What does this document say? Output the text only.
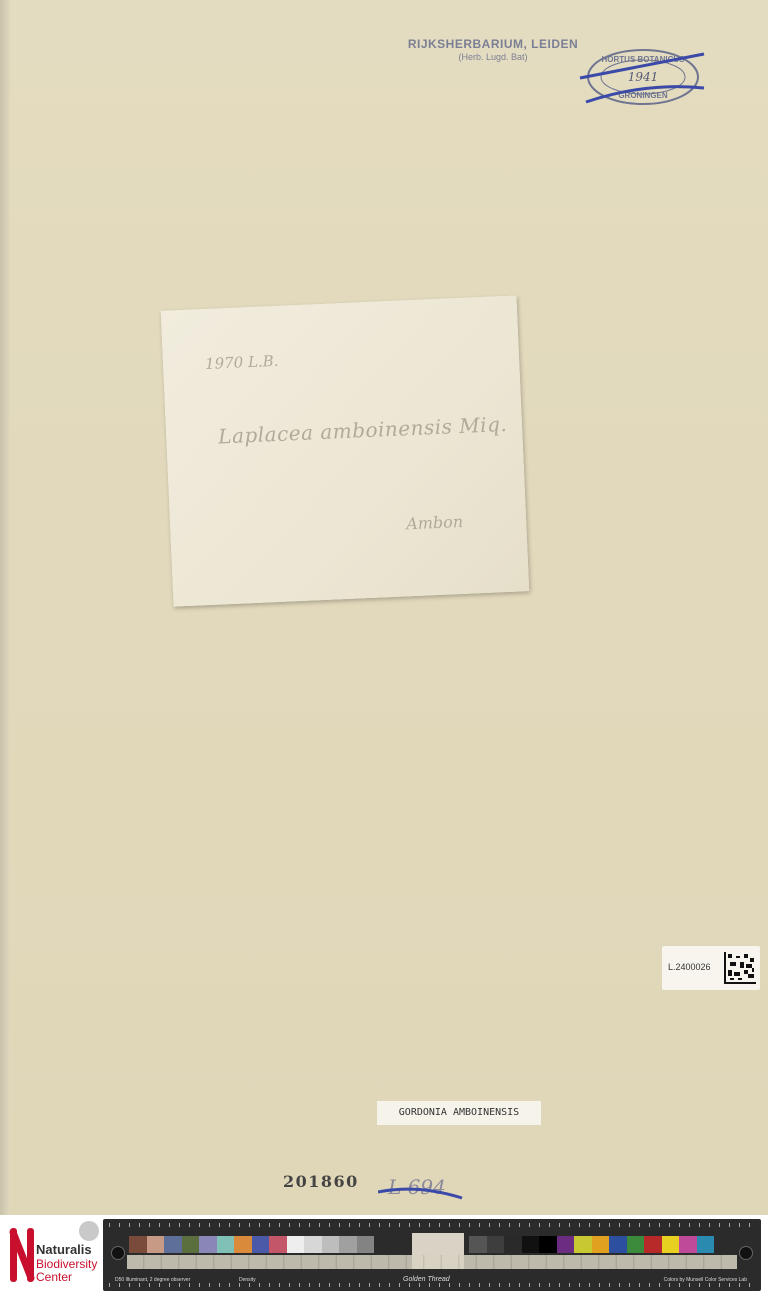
RIJKSHERBARIUM, LEIDEN
(Herb. Lugd. Bat)	HORTUS BOTANICUS
1941
GRONINGEN
1970 L.B.
Laplacea amboinensis Miq.
Ambon
L.2400026
GORDONIA AMBOINENSIS
201860 L 694
Naturalis
Biodiversity
Center	D50 Illuminant, 2 degree observer	Density	Golden Thread	Colors by Munsell Color Services Lab
